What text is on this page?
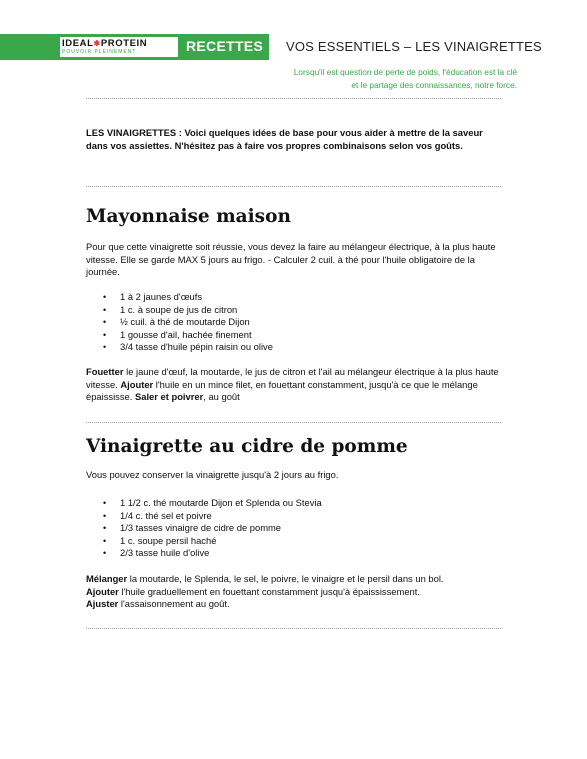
IDEAL✱PROTEIN
POUVOIR PLEINEMENT	RECETTES VOS ESSENTIELS – LES VINAIGRETTES
Lorsqu'il est question de perte de poids, l'éducation est la clé
et le partage des connaissances, notre force.
LES VINAIGRETTES : Voici quelques idées de base pour vous aider à mettre de la saveur dans vos assiettes. N'hésitez pas à faire vos propres combinaisons selon vos goûts.
Mayonnaise maison

Pour que cette vinaigrette soit réussie, vous devez la faire au mélangeur électrique, à la plus haute vitesse. Elle se garde MAX 5 jours au frigo. - Calculer 2 cuil. à thé pour l'huile obligatoire de la journée.

• 1 à 2 jaunes d'œufs
• 1 c. à soupe de jus de citron
• ½ cuil. à thé de moutarde Dijon
• 1 gousse d'ail, hachée finement
• 3/4 tasse d'huile pépin raisin ou olive

Fouetter le jaune d'œuf, la moutarde, le jus de citron et l'ail au mélangeur électrique à la plus haute vitesse. Ajouter l'huile en un mince filet, en fouettant constamment, jusqu'à ce que le mélange épaississe. Saler et poivrer, au goût

Vinaigrette au cidre de pomme

Vous pouvez conserver la vinaigrette jusqu'à 2 jours au frigo.

• 1 1/2 c. thé moutarde Dijon et Splenda ou Stevia
• 1/4 c. thé sel et poivre
• 1/3 tasses vinaigre de cidre de pomme
• 1 c. soupe persil haché
• 2/3 tasse huile d'olive
Mélanger la moutarde, le Splenda, le sel, le poivre, le vinaigre et le persil dans un bol.
Ajouter l'huile graduellement en fouettant constamment jusqu'à épaississement.
Ajuster l'assaisonnement au goût.
